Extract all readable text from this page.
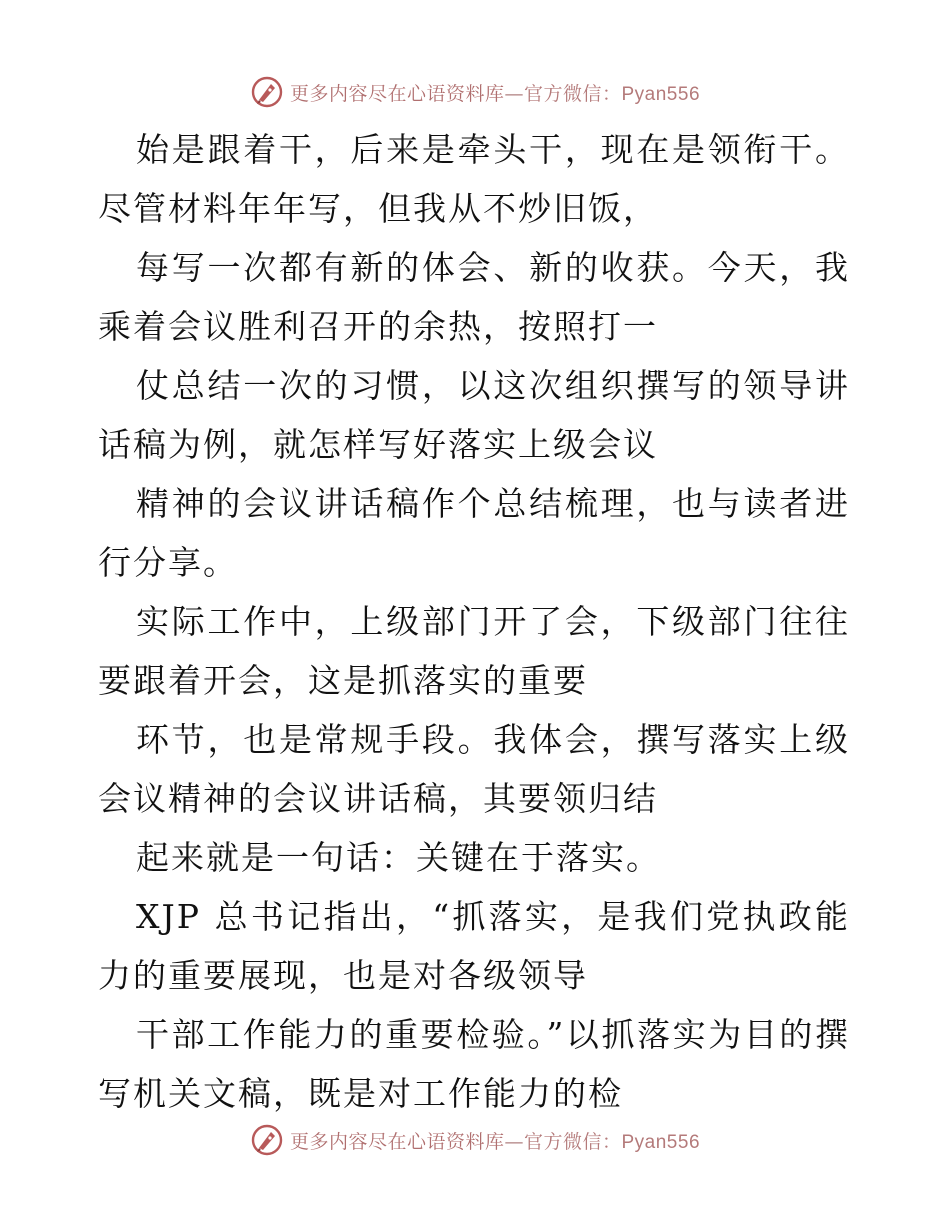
更多内容尽在心语资料库—官方微信：Pyan556

始是跟着干，后来是牵头干，现在是领衔干。尽管材料年年写，但我从不炒旧饭，

每写一次都有新的体会、新的收获。今天，我乘着会议胜利召开的余热，按照打一

仗总结一次的习惯，以这次组织撰写的领导讲话稿为例，就怎样写好落实上级会议

精神的会议讲话稿作个总结梳理，也与读者进行分享。

实际工作中，上级部门开了会，下级部门往往要跟着开会，这是抓落实的重要

环节，也是常规手段。我体会，撰写落实上级会议精神的会议讲话稿，其要领归结

起来就是一句话：关键在于落实。

XJP 总书记指出，“抓落实，是我们党执政能力的重要展现，也是对各级领导

干部工作能力的重要检验。”以抓落实为目的撰写机关文稿，既是对工作能力的检

更多内容尽在心语资料库—官方微信：Pyan556
